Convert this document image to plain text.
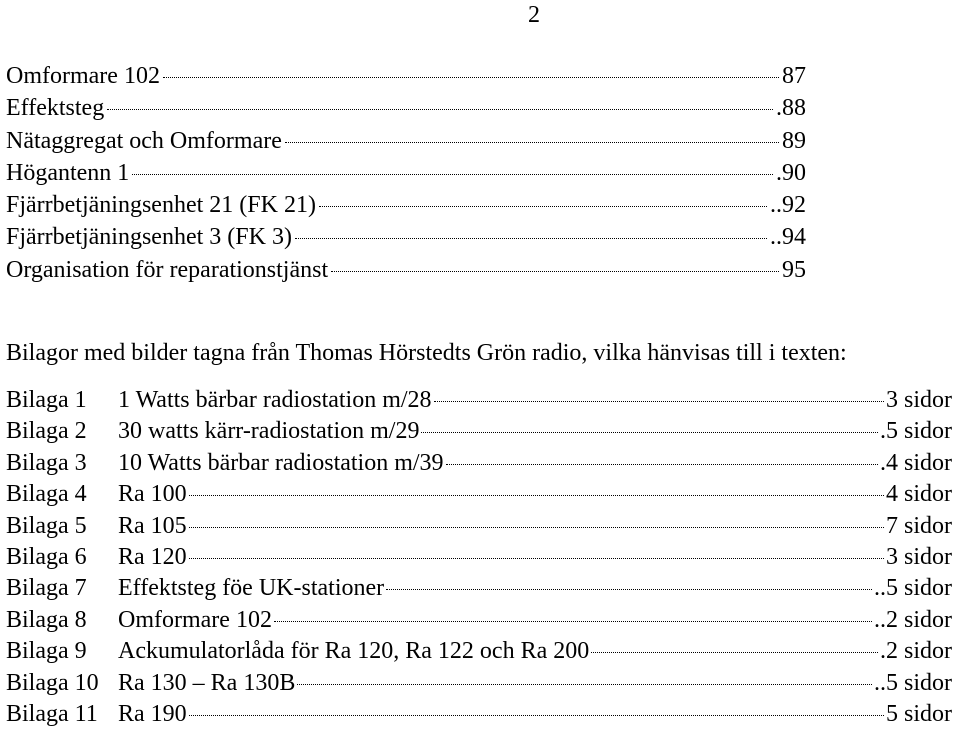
2
Omformare 102	87
Effektsteg	.88
Nätaggregat och Omformare	89
Högantenn 1	.90
Fjärrbetjäningsenhet 21 (FK 21)	..92
Fjärrbetjäningsenhet 3 (FK 3)	..94
Organisation för reparationstjänst	95
Bilagor med bilder tagna från Thomas Hörstedts Grön radio, vilka hänvisas till i texten:
Bilaga 1	1 Watts bärbar radiostation m/28	3 sidor
Bilaga 2	30 watts kärr-radiostation m/29	.5 sidor
Bilaga 3	10 Watts bärbar radiostation m/39	.4 sidor
Bilaga 4	Ra 100	4 sidor
Bilaga 5	Ra 105	7 sidor
Bilaga 6	Ra 120	3 sidor
Bilaga 7	Effektsteg föe UK-stationer	..5 sidor
Bilaga 8	Omformare 102	..2 sidor
Bilaga 9	Ackumulatorlåda för Ra 120, Ra 122 och Ra 200	.2 sidor
Bilaga 10 Ra 130 – Ra 130B	..5 sidor
Bilaga 11 Ra 190	5 sidor
